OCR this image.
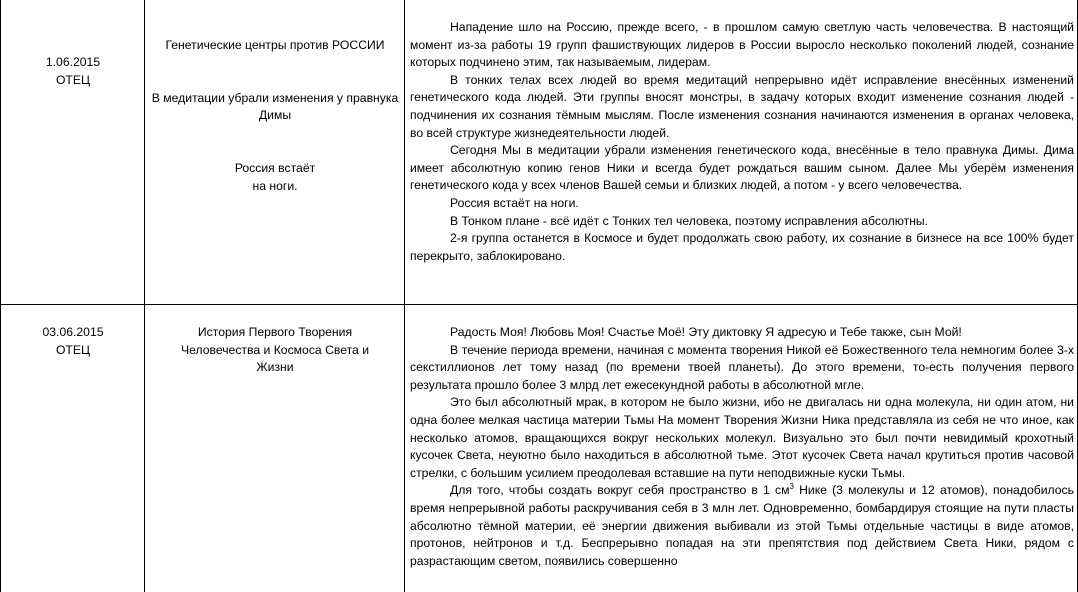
1.06.2015
ОТЕЦ
Генетические центры против РОССИИ
В медитации убрали изменения у правнука Димы
Россия встаёт
на ноги.

Нападение шло на Россию, прежде всего, - в прошлом самую светлую часть человечества. В настоящий момент из-за работы 19 групп фашиствующих лидеров в России выросло несколько поколений людей, сознание которых подчинено этим, так называемым, лидерам.

В тонких телах всех людей во время медитаций непрерывно идёт исправление внесённых изменений генетического кода людей. Эти группы вносят монстры, в задачу которых входит изменение сознания людей - подчинения их сознания тёмным мыслям. После изменения сознания начинаются изменения в органах человека, во всей структуре жизнедеятельности людей.

Сегодня Мы в медитации убрали изменения генетического кода, внесённые в тело правнука Димы. Дима имеет абсолютную копию генов Ники и всегда будет рождаться вашим сыном. Далее Мы уберём изменения генетического кода у всех членов Вашей семьи и близких людей, а потом - у всего человечества.

Россия встаёт на ноги.

В Тонком плане - всё идёт с Тонких тел человека, поэтому исправления абсолютны.

2-я группа останется в Космосе и будет продолжать свою работу, их сознание в бизнесе на все 100% будет перекрыто, заблокировано.

03.06.2015
ОТЕЦ
История Первого Творения Человечества и Космоса Света и Жизни

Радость Моя! Любовь Моя! Счастье Моё! Эту диктовку Я адресую и Тебе также, сын Мой!

В течение периода времени, начиная с момента творения Никой её Божественного тела немногим более 3-х секстиллионов лет тому назад (по времени твоей планеты). До этого времени, то-есть получения первого результата прошло более 3 млрд лет ежесекундной работы в абсолютной мгле.

Это был абсолютный мрак, в котором не было жизни, ибо не двигалась ни одна молекула, ни один атом, ни одна более мелкая частица материи Тьмы На момент Творения Жизни Ника представляла из себя не что иное, как несколько атомов, вращающихся вокруг нескольких молекул. Визуально это был почти невидимый крохотный кусочек Света, неуютно было находиться в абсолютной тьме. Этот кусочек Света начал крутиться против часовой стрелки, с большим усилием преодолевая вставшие на пути неподвижные куски Тьмы.

Для того, чтобы создать вокруг себя пространство в 1 $см^3$ Нике (3 молекулы и 12 атомов), понадобилось время непрерывной работы раскручивания себя в 3 млн лет. Одновременно, бомбардируя стоящие на пути пласты абсолютно тёмной материи, её энергии движения выбивали из этой Тьмы отдельные частицы в виде атомов, протонов, нейтронов и т.д. Беспрерывно попадая на эти препятствия под действием Света Ники, рядом с разрастающим светом, появились совершенно
